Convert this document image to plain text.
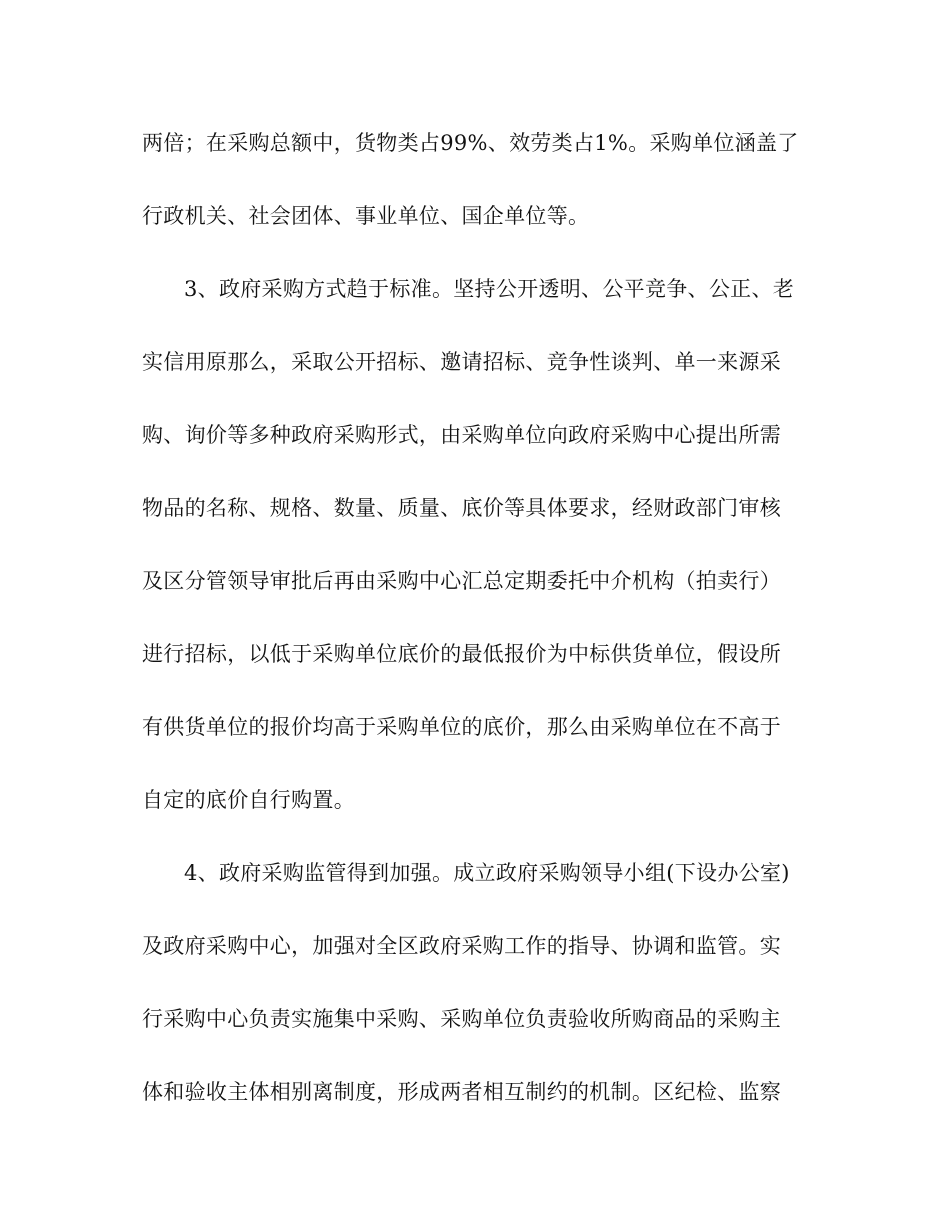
两倍；在采购总额中，货物类占99%、效劳类占1%。采购单位涵盖了
行政机关、社会团体、事业单位、国企单位等。
3、政府采购方式趋于标准。坚持公开透明、公平竞争、公正、老
实信用原那么，采取公开招标、邀请招标、竞争性谈判、单一来源采
购、询价等多种政府采购形式，由采购单位向政府采购中心提出所需
物品的名称、规格、数量、质量、底价等具体要求，经财政部门审核
及区分管领导审批后再由采购中心汇总定期委托中介机构（拍卖行）
进行招标，以低于采购单位底价的最低报价为中标供货单位，假设所
有供货单位的报价均高于采购单位的底价，那么由采购单位在不高于
自定的底价自行购置。
4、政府采购监管得到加强。成立政府采购领导小组(下设办公室)
及政府采购中心，加强对全区政府采购工作的指导、协调和监管。实
行采购中心负责实施集中采购、采购单位负责验收所购商品的采购主
体和验收主体相别离制度，形成两者相互制约的机制。区纪检、监察
